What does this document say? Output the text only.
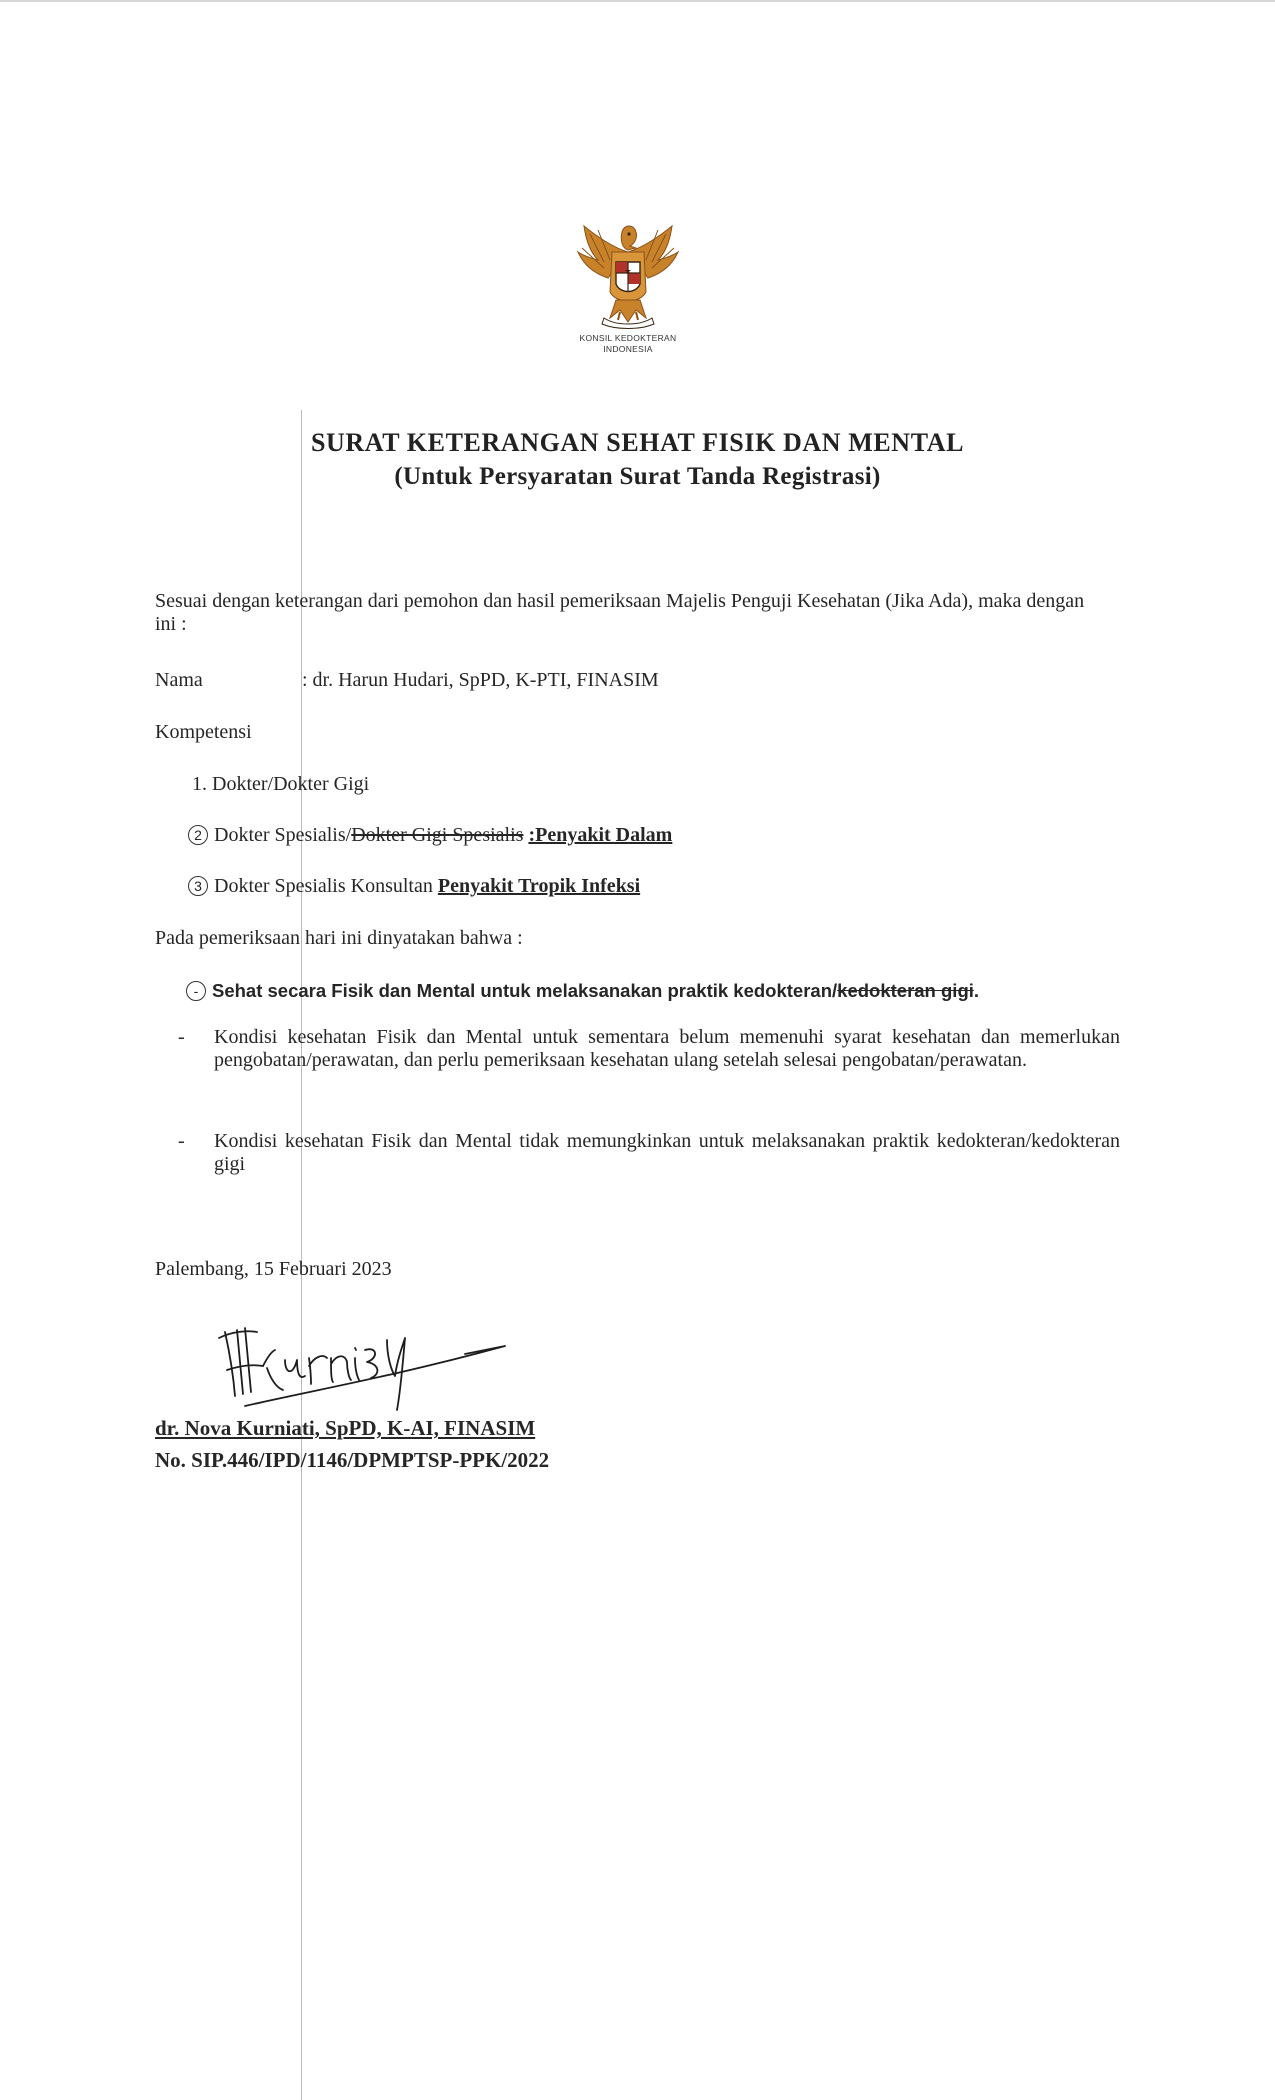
KONSIL KEDOKTERAN
INDONESIA
SURAT KETERANGAN SEHAT FISIK DAN MENTAL
(Untuk Persyaratan Surat Tanda Registrasi)
Sesuai dengan keterangan dari pemohon dan hasil pemeriksaan Majelis Penguji Kesehatan (Jika Ada), maka dengan ini :
Nama	: dr. Harun Hudari, SpPD, K-PTI, FINASIM
Kompetensi
1. Dokter/Dokter Gigi
2 Dokter Spesialis/Dokter Gigi Spesialis :Penyakit Dalam
3 Dokter Spesialis Konsultan Penyakit Tropik Infeksi
Pada pemeriksaan hari ini dinyatakan bahwa :
- Sehat secara Fisik dan Mental untuk melaksanakan praktik kedokteran/kedokteran gigi.
- Kondisi kesehatan Fisik dan Mental untuk sementara belum memenuhi syarat kesehatan dan memerlukan pengobatan/perawatan, dan perlu pemeriksaan kesehatan ulang setelah selesai pengobatan/perawatan.
- Kondisi kesehatan Fisik dan Mental tidak memungkinkan untuk melaksanakan praktik kedokteran/kedokteran gigi
Palembang, 15 Februari 2023
dr. Nova Kurniati, SpPD, K-AI, FINASIM
No. SIP.446/IPD/1146/DPMPTSP-PPK/2022
